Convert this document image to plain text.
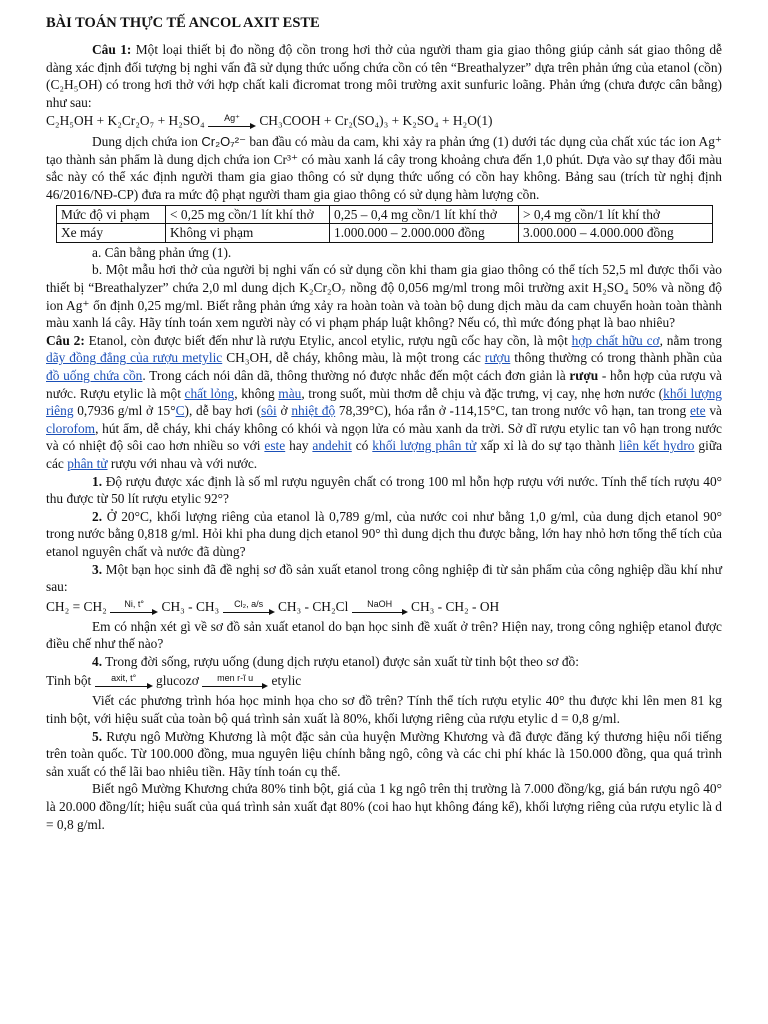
BÀI TOÁN THỰC TẾ ANCOL AXIT ESTE

Câu 1: Một loại thiết bị đo nồng độ cồn trong hơi thở của người tham gia giao thông giúp cảnh sát giao thông dễ dàng xác định đối tượng bị nghi vấn đã sử dụng thức uống chứa cồn có tên “Breathalyzer” dựa trên phản ứng của etanol (cồn) (C₂H₅OH) có trong hơi thở với hợp chất kali đicromat trong môi trường axit sunfuric loãng. Phản ứng (chưa được cân bằng) như sau:

C₂H₅OH + K₂Cr₂O₇ + H₂SO₄	Ag⁺	CH₃COOH + Cr₂(SO₄)₃ + K₂SO₄ + H₂O(1)

Dung dịch chứa ion Cr₂O₇²⁻ ban đầu có màu da cam, khi xảy ra phản ứng (1) dưới tác dụng của chất xúc tác ion Ag⁺ tạo thành sản phẩm là dung dịch chứa ion Cr³⁺ có màu xanh lá cây trong khoảng chưa đến 1,0 phút. Dựa vào sự thay đổi màu sắc này có thể xác định người tham gia giao thông có sử dụng thức uống có cồn hay không. Bảng sau (trích từ nghị định 46/2016/NĐ-CP) đưa ra mức độ phạt người tham gia giao thông có sử dụng hàm lượng cồn.

Mức độ vi phạm	< 0,25 mg cồn/1 lít khí thở	0,25 – 0,4 mg cồn/1 lít khí thở	> 0,4 mg cồn/1 lít khí thở
Xe máy	Không vi phạm	1.000.000 – 2.000.000 đồng	3.000.000 – 4.000.000 đồng

a. Cân bằng phản ứng (1).

b. Một mẫu hơi thở của người bị nghi vấn có sử dụng cồn khi tham gia giao thông có thể tích 52,5 ml được thổi vào thiết bị “Breathalyzer” chứa 2,0 ml dung dịch K₂Cr₂O₇ nồng độ 0,056 mg/ml trong môi trường axit H₂SO₄ 50% và nồng độ ion Ag⁺ ổn định 0,25 mg/ml. Biết rằng phản ứng xảy ra hoàn toàn và toàn bộ dung dịch màu da cam chuyển hoàn toàn thành màu xanh lá cây. Hãy tính toán xem người này có vi phạm pháp luật không? Nếu có, thì mức đóng phạt là bao nhiêu?

Câu 2: Etanol, còn được biết đến như là rượu Etylic, ancol etylic, rượu ngũ cốc hay cồn, là một hợp chất hữu cơ, nằm trong dãy đồng đẳng của rượu metylic CH₃OH, dễ cháy, không màu, là một trong các rượu thông thường có trong thành phần của đồ uống chứa cồn. Trong cách nói dân dã, thông thường nó được nhắc đến một cách đơn giản là rượu - hỗn hợp của rượu và nước. Rượu etylic là một chất lỏng, không màu, trong suốt, mùi thơm dễ chịu và đặc trưng, vị cay, nhẹ hơn nước (khối lượng riêng 0,7936 g/ml ở 15°C), dễ bay hơi (sôi ở nhiệt độ 78,39°C), hóa rắn ở -114,15°C, tan trong nước vô hạn, tan trong ete và clorofom, hút ẩm, dễ cháy, khi cháy không có khói và ngọn lửa có màu xanh da trời. Sở dĩ rượu etylic tan vô hạn trong nước và có nhiệt độ sôi cao hơn nhiều so với este hay andehit có khối lượng phân tử xấp xỉ là do sự tạo thành liên kết hydro giữa các phân tử rượu với nhau và với nước.

1. Độ rượu được xác định là số ml rượu nguyên chất có trong 100 ml hỗn hợp rượu với nước. Tính thể tích rượu 40° thu được từ 50 lít rượu etylic 92°?

2. Ở 20°C, khối lượng riêng của etanol là 0,789 g/ml, của nước coi như bằng 1,0 g/ml, của dung dịch etanol 90° trong nước bằng 0,818 g/ml. Hỏi khi pha dung dịch etanol 90° thì dung dịch thu được bằng, lớn hay nhỏ hơn tổng thể tích của etanol nguyên chất và nước đã dùng?

3. Một bạn học sinh đã đề nghị sơ đồ sản xuất etanol trong công nghiệp đi từ sản phẩm của công nghiệp dầu khí như sau:

CH₂ = CH₂	Ni, t°	CH₃ - CH₃	Cl₂, a/s	CH₃ - CH₂Cl	NaOH	CH₃ - CH₂ - OH

Em có nhận xét gì về sơ đồ sản xuất etanol do bạn học sinh đề xuất ở trên? Hiện nay, trong công nghiệp etanol được điều chế như thế nào?

4. Trong đời sống, rượu uống (dung dịch rượu etanol) được sản xuất từ tinh bột theo sơ đồ:

Tinh bột	axit, t°	glucozơ	men r-ĩ u	etylic

Viết các phương trình hóa học minh họa cho sơ đồ trên? Tính thể tích rượu etylic 40° thu được khi lên men 81 kg tinh bột, với hiệu suất của toàn bộ quá trình sản xuất là 80%, khối lượng riêng của rượu etylic d = 0,8 g/ml.

5. Rượu ngô Mường Khương là một đặc sản của huyện Mường Khương và đã được đăng ký thương hiệu nổi tiếng trên toàn quốc. Từ 100.000 đồng, mua nguyên liệu chính bằng ngô, công và các chi phí khác là 150.000 đồng, qua quá trình sản xuất có thể lãi bao nhiêu tiền. Hãy tính toán cụ thể.

Biết ngô Mường Khương chứa 80% tinh bột, giá của 1 kg ngô trên thị trường là 7.000 đồng/kg, giá bán rượu ngô 40° là 20.000 đồng/lít; hiệu suất của quá trình sản xuất đạt 80% (coi hao hụt không đáng kể), khối lượng riêng của rượu etylic là d = 0,8 g/ml.
